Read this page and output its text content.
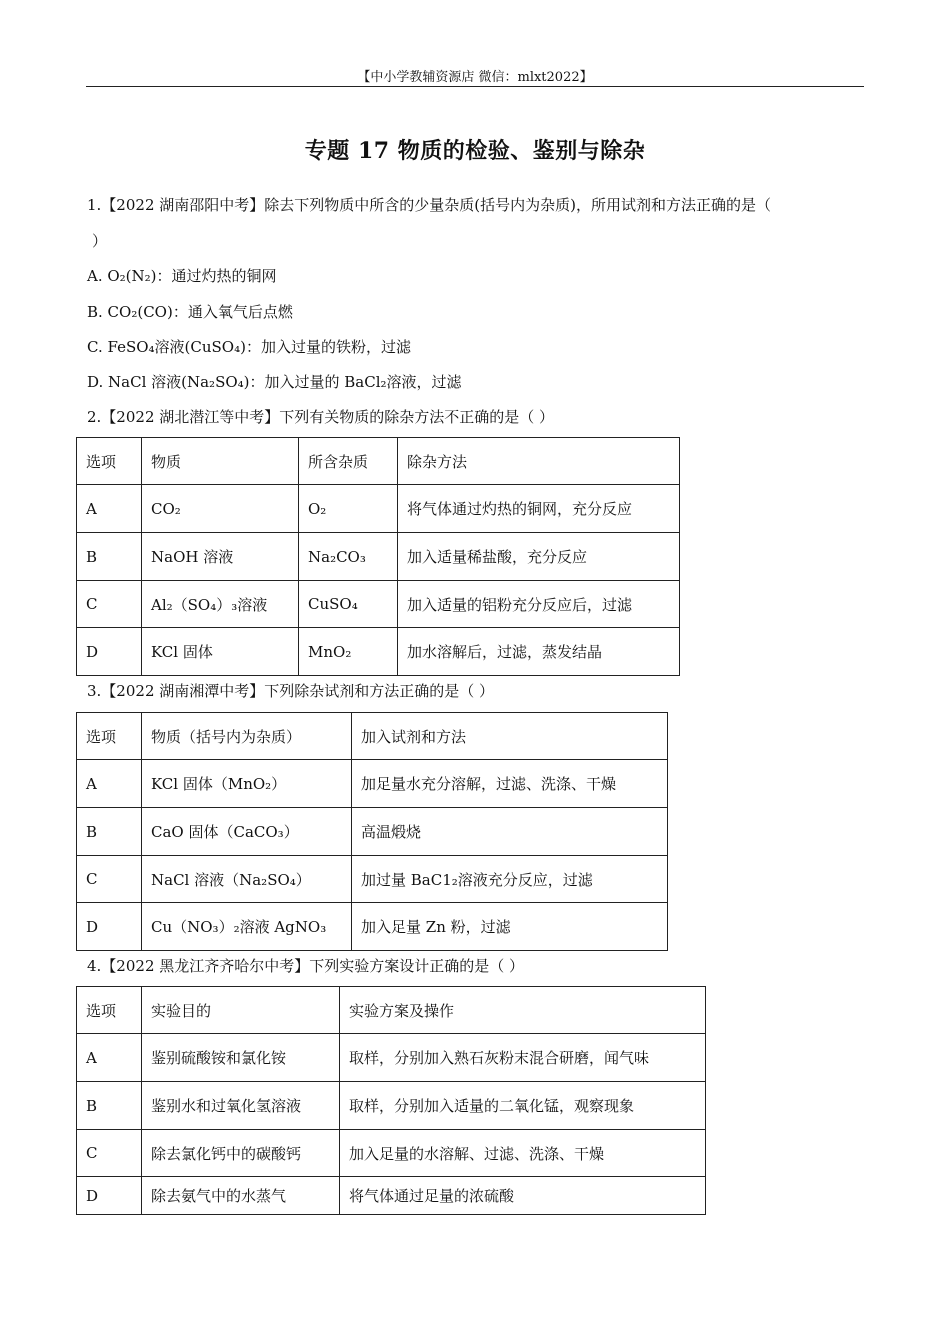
【中小学教辅资源店 微信：mlxt2022】
专题 17 物质的检验、鉴别与除杂
1.【2022 湖南邵阳中考】除去下列物质中所含的少量杂质(括号内为杂质)，所用试剂和方法正确的是（
）
A. O₂(N₂)：通过灼热的铜网
B. CO₂(CO)：通入氧气后点燃
C. FeSO₄溶液(CuSO₄)：加入过量的铁粉，过滤
D. NaCl 溶液(Na₂SO₄)：加入过量的 BaCl₂溶液，过滤
2.【2022 湖北潜江等中考】下列有关物质的除杂方法不正确的是（ ）
选项	物质	所含杂质	除杂方法
A	CO₂	O₂	将气体通过灼热的铜网，充分反应
B	NaOH 溶液	Na₂CO₃	加入适量稀盐酸，充分反应
C	Al₂（SO₄）₃溶液	CuSO₄	加入适量的铝粉充分反应后，过滤
D	KCl 固体	MnO₂	加水溶解后，过滤，蒸发结晶
3.【2022 湖南湘潭中考】下列除杂试剂和方法正确的是（ ）
选项	物质（括号内为杂质）	加入试剂和方法
A	KCl 固体（MnO₂）	加足量水充分溶解，过滤、洗涤、干燥
B	CaO 固体（CaCO₃）	高温煅烧
C	NaCl 溶液（Na₂SO₄）	加过量 BaC1₂溶液充分反应，过滤
D	Cu（NO₃）₂溶液 AgNO₃	加入足量 Zn 粉，过滤
4.【2022 黑龙江齐齐哈尔中考】下列实验方案设计正确的是（ ）
选项	实验目的	实验方案及操作
A	鉴别硫酸铵和氯化铵	取样，分别加入熟石灰粉末混合研磨，闻气味
B	鉴别水和过氧化氢溶液	取样，分别加入适量的二氧化锰，观察现象
C	除去氯化钙中的碳酸钙	加入足量的水溶解、过滤、洗涤、干燥
D	除去氨气中的水蒸气	将气体通过足量的浓硫酸
